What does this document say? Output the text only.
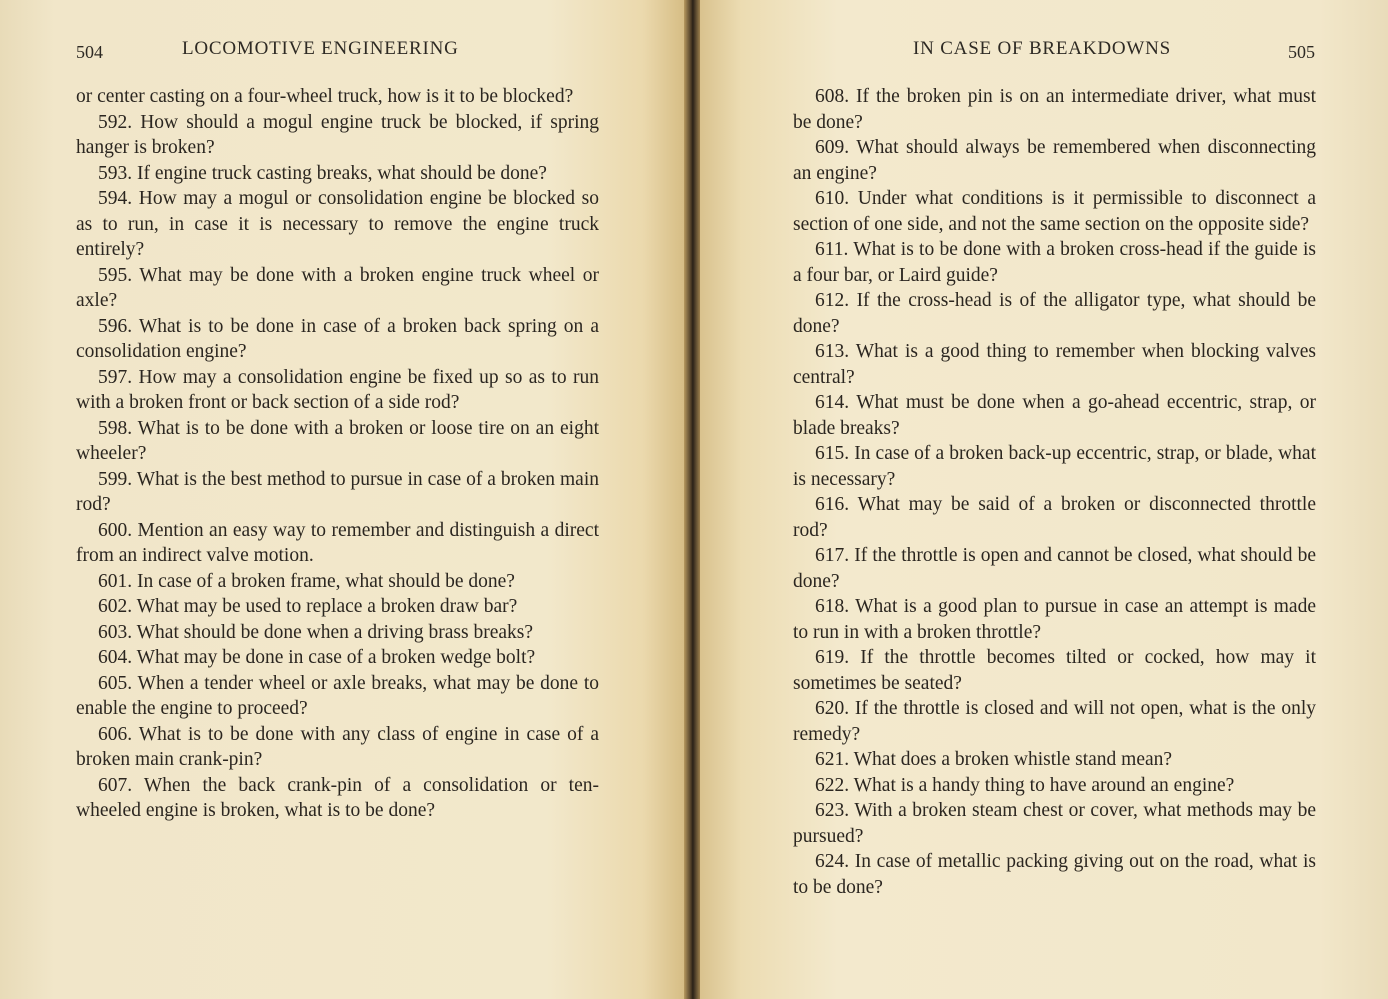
504	LOCOMOTIVE ENGINEERING

or center casting on a four-wheel truck, how is it to be blocked?

592. How should a mogul engine truck be blocked, if spring hanger is broken?

593. If engine truck casting breaks, what should be done?

594. How may a mogul or consolidation engine be blocked so as to run, in case it is necessary to remove the engine truck entirely?

595. What may be done with a broken engine truck wheel or axle?

596. What is to be done in case of a broken back spring on a consolidation engine?

597. How may a consolidation engine be fixed up so as to run with a broken front or back section of a side rod?

598. What is to be done with a broken or loose tire on an eight wheeler?

599. What is the best method to pursue in case of a broken main rod?

600. Mention an easy way to remember and distinguish a direct from an indirect valve motion.

601. In case of a broken frame, what should be done?

602. What may be used to replace a broken draw bar?

603. What should be done when a driving brass breaks?

604. What may be done in case of a broken wedge bolt?

605. When a tender wheel or axle breaks, what may be done to enable the engine to proceed?

606. What is to be done with any class of engine in case of a broken main crank-pin?

607. When the back crank-pin of a consolidation or ten-wheeled engine is broken, what is to be done?

IN CASE OF BREAKDOWNS	505

608. If the broken pin is on an intermediate driver, what must be done?

609. What should always be remembered when disconnecting an engine?

610. Under what conditions is it permissible to disconnect a section of one side, and not the same section on the opposite side?

611. What is to be done with a broken cross-head if the guide is a four bar, or Laird guide?

612. If the cross-head is of the alligator type, what should be done?

613. What is a good thing to remember when blocking valves central?

614. What must be done when a go-ahead eccentric, strap, or blade breaks?

615. In case of a broken back-up eccentric, strap, or blade, what is necessary?

616. What may be said of a broken or disconnected throttle rod?

617. If the throttle is open and cannot be closed, what should be done?

618. What is a good plan to pursue in case an attempt is made to run in with a broken throttle?

619. If the throttle becomes tilted or cocked, how may it sometimes be seated?

620. If the throttle is closed and will not open, what is the only remedy?

621. What does a broken whistle stand mean?

622. What is a handy thing to have around an engine?

623. With a broken steam chest or cover, what methods may be pursued?

624. In case of metallic packing giving out on the road, what is to be done?
